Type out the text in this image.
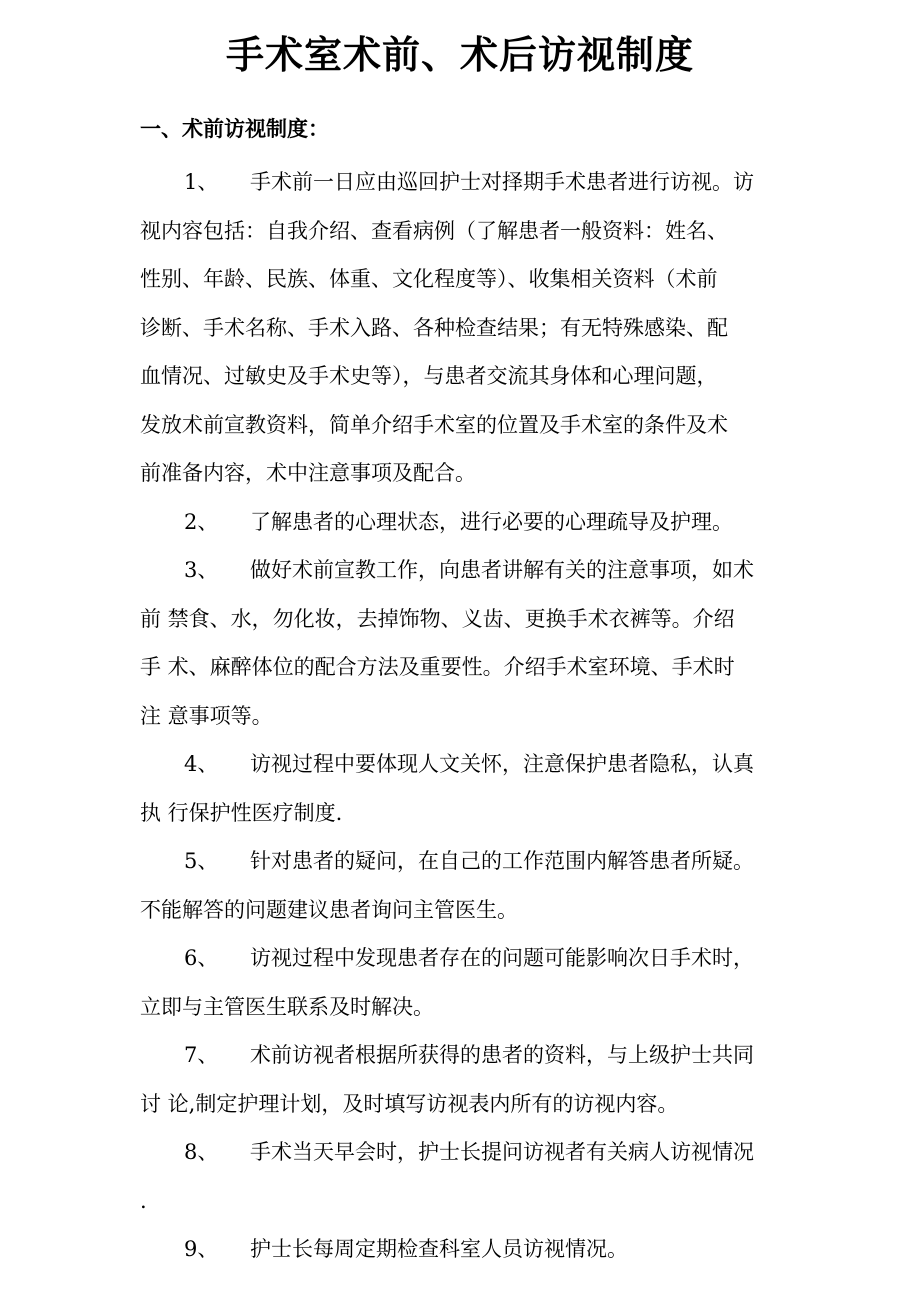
手术室术前、术后访视制度
一、术前访视制度：

1、 手术前一日应由巡回护士对择期手术患者进行访视。访

视内容包括：自我介绍、查看病例（了解患者一般资料：姓名、

性别、年龄、民族、体重、文化程度等）、收集相关资料（术前

诊断、手术名称、手术入路、各种检查结果；有无特殊感染、配

血情况、过敏史及手术史等），与患者交流其身体和心理问题，

发放术前宣教资料，简单介绍手术室的位置及手术室的条件及术

前准备内容，术中注意事项及配合。

2、 了解患者的心理状态，进行必要的心理疏导及护理。

3、 做好术前宣教工作，向患者讲解有关的注意事项，如术

前 禁食、水，勿化妆，去掉饰物、义齿、更换手术衣裤等。介绍

手 术、麻醉体位的配合方法及重要性。介绍手术室环境、手术时

注 意事项等。

4、 访视过程中要体现人文关怀，注意保护患者隐私，认真

执 行保护性医疗制度.

5、 针对患者的疑问，在自己的工作范围内解答患者所疑。

不能解答的问题建议患者询问主管医生。

6、 访视过程中发现患者存在的问题可能影响次日手术时，

立即与主管医生联系及时解决。

7、 术前访视者根据所获得的患者的资料，与上级护士共同

讨 论,制定护理计划，及时填写访视表内所有的访视内容。

8、 手术当天早会时，护士长提问访视者有关病人访视情况

.

9、 护士长每周定期检查科室人员访视情况。
